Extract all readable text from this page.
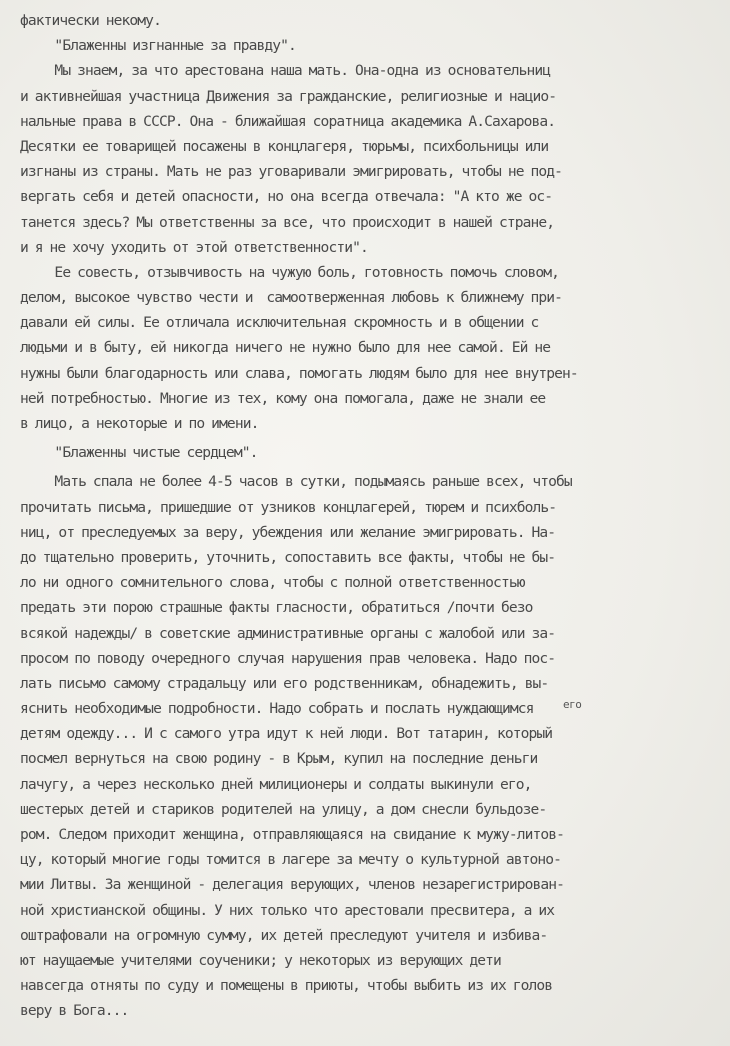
фактически некому.
"Блаженны изгнанные за правду".
Мы знаем, за что арестована наша мать. Она-одна из основательниц
и активнейшая участница Движения за гражданские, религиозные и нацио-
нальные права в СССР. Она - ближайшая соратница академика А.Сахарова.
Десятки ее товарищей посажены в концлагеря, тюрьмы, психбольницы или
изгнаны из страны. Мать не раз уговаривали эмигрировать, чтобы не под-
вергать себя и детей опасности, но она всегда отвечала: "А кто же ос-
танется здесь? Мы ответственны за все, что происходит в нашей стране,
и я не хочу уходить от этой ответственности".
Ее совесть, отзывчивость на чужую боль, готовность помочь словом,
делом, высокое чувство чести и  самоотверженная любовь к ближнему при-
давали ей силы. Ее отличала исключительная скромность и в общении с
людьми и в быту, ей никогда ничего не нужно было для нее самой. Ей не
нужны были благодарность или слава, помогать людям было для нее внутрен-
ней потребностью. Многие из тех, кому она помогала, даже не знали ее
в лицо, а некоторые и по имени.
"Блаженны чистые сердцем".
Мать спала не более 4-5 часов в сутки, подымаясь раньше всех, чтобы
прочитать письма, пришедшие от узников концлагерей, тюрем и психболь-
ниц, от преследуемых за веру, убеждения или желание эмигрировать. На-
до тщательно проверить, уточнить, сопоставить все факты, чтобы не бы-
ло ни одного сомнительного слова, чтобы с полной ответственностью
предать эти порою страшные факты гласности, обратиться /почти безо
всякой надежды/ в советские административные органы с жалобой или за-
просом по поводу очередного случая нарушения прав человека. Надо пос-
лать письмо самому страдальцу или его родственникам, обнадежить, вы-
яснить необходимые подробности. Надо собрать и послать нуждающимся
детям одежду... И с самого утра идут к ней люди. Вот татарин, который
посмел вернуться на свою родину - в Крым, купил на последние деньги
лачугу, а через несколько дней милиционеры и солдаты выкинули его,
шестерых детей и стариков родителей на улицу, а дом снесли бульдозе-
ром. Следом приходит женщина, отправляющаяся на свидание к мужу-литов-
цу, который многие годы томится в лагере за мечту о культурной автоно-
мии Литвы. За женщиной - делегация верующих, членов незарегистрирован-
ной христианской общины. У них только что арестовали пресвитера, а их
оштрафовали на огромную сумму, их детей преследуют учителя и избива-
ют наущаемые учителями соученики; у некоторых из верующих дети
навсегда отняты по суду и помещены в приюты, чтобы выбить из их голов
веру в Бога...
его
